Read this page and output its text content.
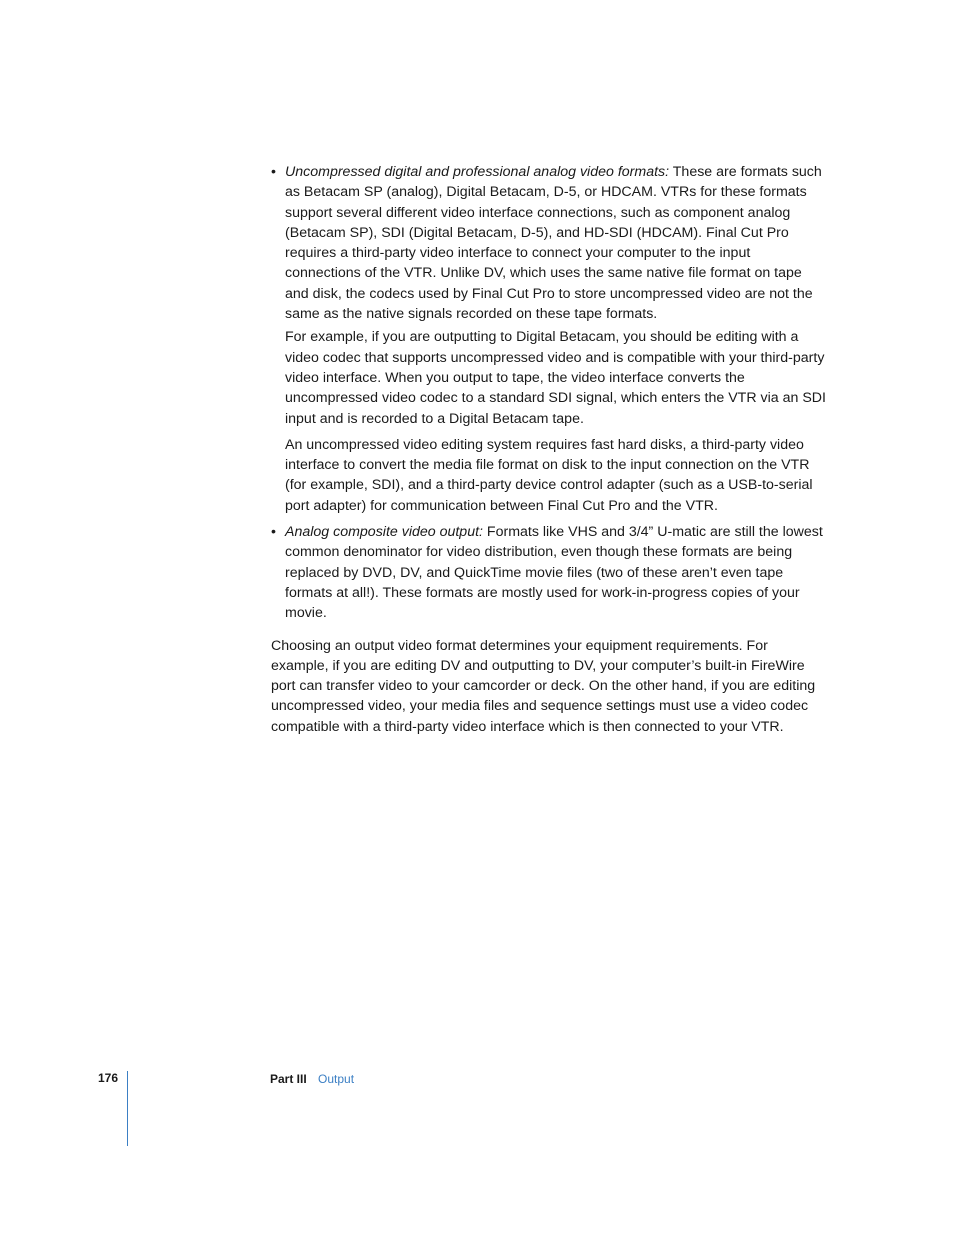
• Uncompressed digital and professional analog video formats: These are formats such as Betacam SP (analog), Digital Betacam, D-5, or HDCAM. VTRs for these formats support several different video interface connections, such as component analog (Betacam SP), SDI (Digital Betacam, D-5), and HD-SDI (HDCAM). Final Cut Pro requires a third-party video interface to connect your computer to the input connections of the VTR. Unlike DV, which uses the same native file format on tape and disk, the codecs used by Final Cut Pro to store uncompressed video are not the same as the native signals recorded on these tape formats.

For example, if you are outputting to Digital Betacam, you should be editing with a video codec that supports uncompressed video and is compatible with your third-party video interface. When you output to tape, the video interface converts the uncompressed video codec to a standard SDI signal, which enters the VTR via an SDI input and is recorded to a Digital Betacam tape.

An uncompressed video editing system requires fast hard disks, a third-party video interface to convert the media file format on disk to the input connection on the VTR (for example, SDI), and a third-party device control adapter (such as a USB-to-serial port adapter) for communication between Final Cut Pro and the VTR.

• Analog composite video output: Formats like VHS and 3/4” U-matic are still the lowest common denominator for video distribution, even though these formats are being replaced by DVD, DV, and QuickTime movie files (two of these aren’t even tape formats at all!). These formats are mostly used for work-in-progress copies of your movie.

Choosing an output video format determines your equipment requirements. For example, if you are editing DV and outputting to DV, your computer’s built-in FireWire port can transfer video to your camcorder or deck. On the other hand, if you are editing uncompressed video, your media files and sequence settings must use a video codec compatible with a third-party video interface which is then connected to your VTR.

176	Part III Output
